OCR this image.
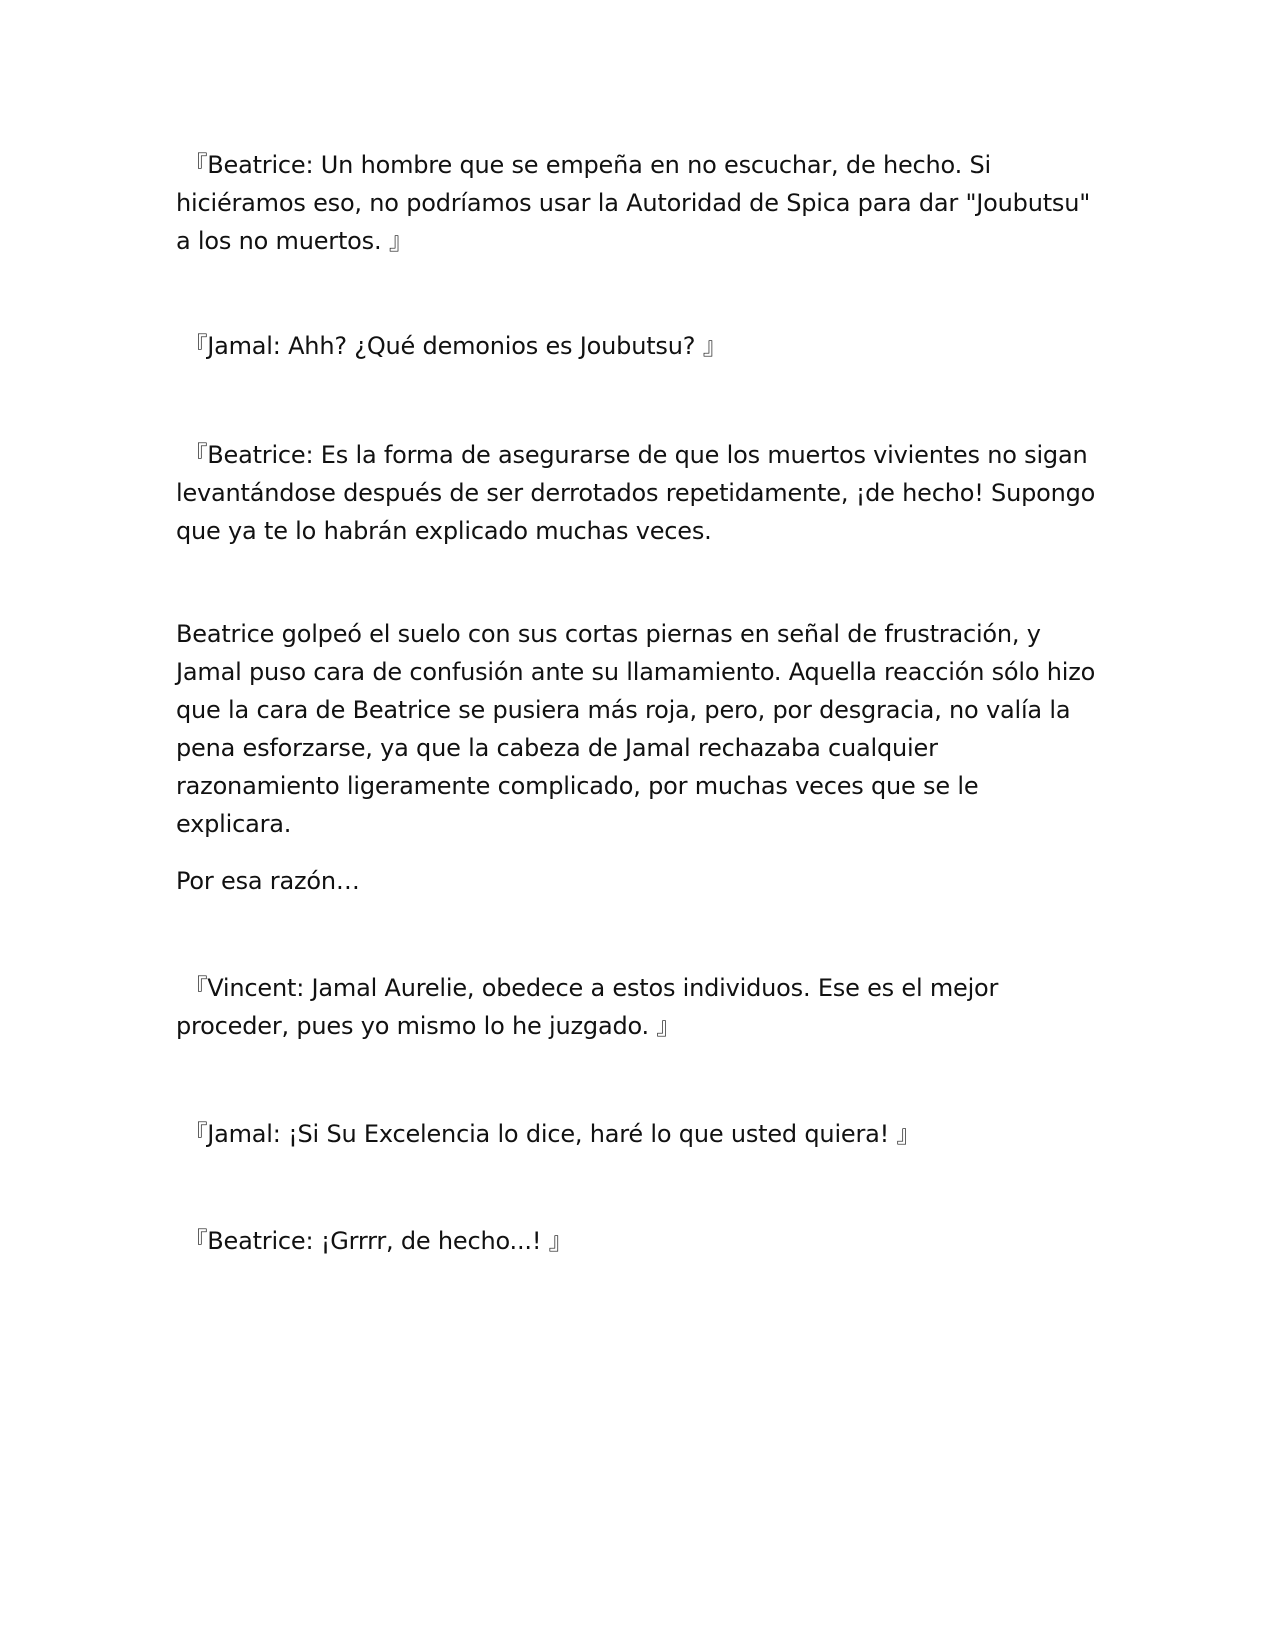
『Beatrice: Un hombre que se empeña en no escuchar, de hecho. Si hiciéramos eso, no podríamos usar la Autoridad de Spica para dar "Joubutsu" a los no muertos. 』

『Jamal: Ahh? ¿Qué demonios es Joubutsu? 』

『Beatrice: Es la forma de asegurarse de que los muertos vivientes no sigan levantándose después de ser derrotados repetidamente, ¡de hecho! Supongo que ya te lo habrán explicado muchas veces.

Beatrice golpeó el suelo con sus cortas piernas en señal de frustración, y Jamal puso cara de confusión ante su llamamiento. Aquella reacción sólo hizo que la cara de Beatrice se pusiera más roja, pero, por desgracia, no valía la pena esforzarse, ya que la cabeza de Jamal rechazaba cualquier razonamiento ligeramente complicado, por muchas veces que se le explicara.

Por esa razón…

『Vincent: Jamal Aurelie, obedece a estos individuos. Ese es el mejor proceder, pues yo mismo lo he juzgado. 』

『Jamal: ¡Si Su Excelencia lo dice, haré lo que usted quiera! 』

『Beatrice: ¡Grrrr, de hecho...! 』
